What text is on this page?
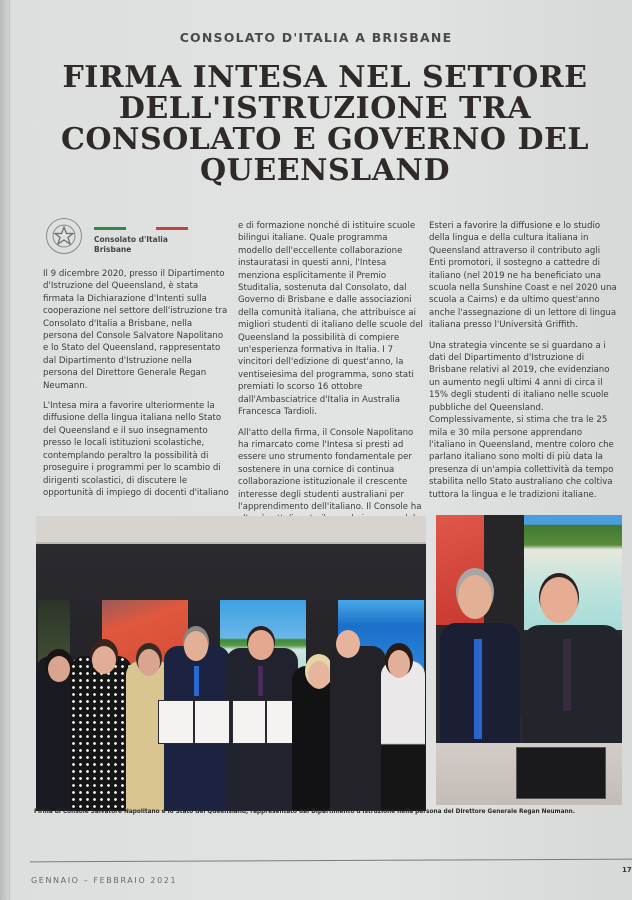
CONSOLATO D'ITALIA A BRISBANE
FIRMA INTESA NEL SETTORE
DELL'ISTRUZIONE TRA
CONSOLATO E GOVERNO DEL
QUEENSLAND
Consolato d'Italia
Brisbane

Il 9 dicembre 2020, presso il Dipartimento d'Istruzione del Queensland, è stata firmata la Dichiarazione d'Intenti sulla cooperazione nel settore dell'istruzione tra Consolato d'Italia a Brisbane, nella persona del Console Salvatore Napolitano e lo Stato del Queensland, rappresentato dal Dipartimento d'Istruzione nella persona del Direttore Generale Regan Neumann.

L'Intesa mira a favorire ulteriormente la diffusione della lingua italiana nello Stato del Queensland e il suo insegnamento presso le locali istituzioni scolastiche, contemplando peraltro la possibilità di proseguire i programmi per lo scambio di dirigenti scolastici, di discutere le opportunità di impiego di docenti d'italiano

e di formazione nonché di istituire scuole bilingui italiane. Quale programma modello dell'eccellente collaborazione instauratasi in questi anni, l'Intesa menziona esplicitamente il Premio Studitalia, sostenuta dal Consolato, dal Governo di Brisbane e dalle associazioni della comunità italiana, che attribuisce ai migliori studenti di italiano delle scuole del Queensland la possibilità di compiere un'esperienza formativa in Italia. I 7 vincitori dell'edizione di quest'anno, la ventiseiesima del programma, sono stati premiati lo scorso 16 ottobre dall'Ambasciatrice d'Italia in Australia Francesca Tardioli.

All'atto della firma, il Console Napolitano ha rimarcato come l'Intesa si presti ad essere uno strumento fondamentale per sostenere in una cornice di continua collaborazione istituzionale il crescente interesse degli studenti australiani per l'apprendimento dell'italiano. Il Console ha

Esteri a favorire la diffusione e lo studio della lingua e della cultura italiana in Queensland attraverso il contributo agli Enti promotori, il sostegno a cattedre di italiano (nel 2019 ne ha beneficiato una scuola nella Sunshine Coast e nel 2020 una scuola a Cairns) e da ultimo quest'anno anche l'assegnazione di un lettore di lingua italiana presso l'Università Griffith.

Una strategia vincente se si guardano a i dati del Dipartimento d'Istruzione di Brisbane relativi al 2019, che evidenziano un aumento negli ultimi 4 anni di circa il 15% degli studenti di italiano nelle scuole pubbliche del Queensland. Complessivamente, si stima che tra le 25 mila e 30 mila persone apprendano l'italiano in Queensland, mentre coloro che parlano italiano sono molti di più data la presenza di un'ampia collettività da tempo stabilita nello Stato australiano che coltiva tuttora la lingua e le tradizioni italiane.

Firma di Console Salvatore Napolitano e lo Stato del Queensland, rappresentato dal Dipartimento d'Istruzione nella persona del Direttore Generale Regan Neumann.
GENNAIO – FEBBRAIO 2021
17
